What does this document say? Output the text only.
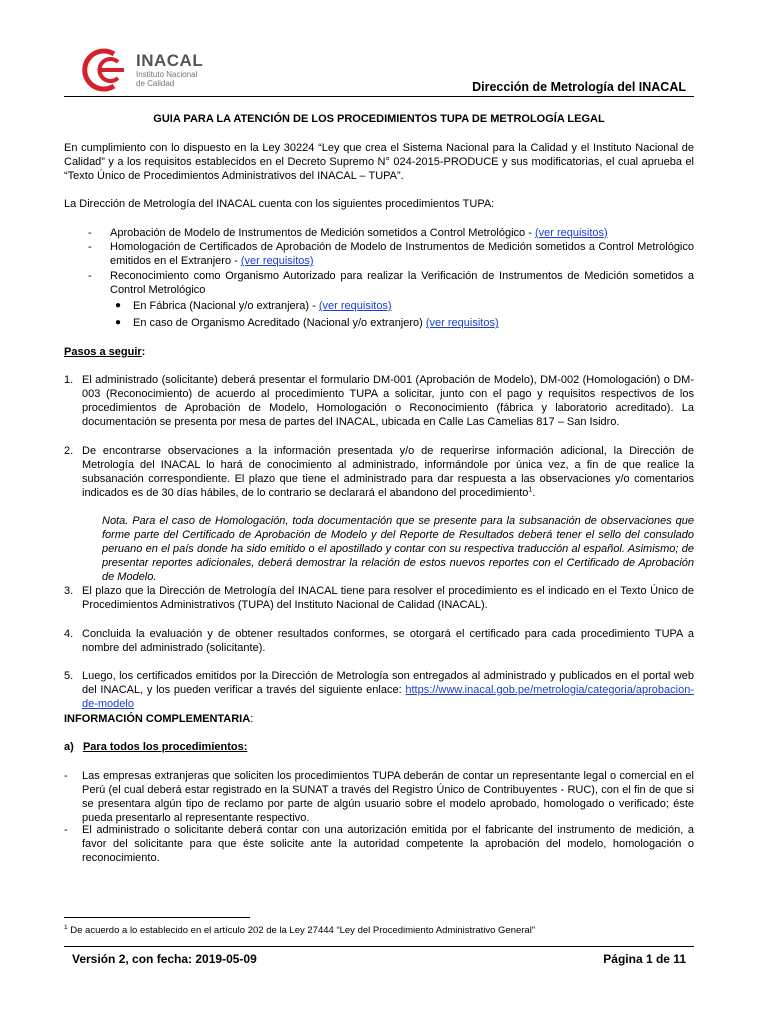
INACAL
Instituto Nacional
de Calidad	Dirección de Metrología del INACAL
GUIA PARA LA ATENCIÓN DE LOS PROCEDIMIENTOS TUPA DE METROLOGÍA LEGAL

En cumplimiento con lo dispuesto en la Ley 30224 “Ley que crea el Sistema Nacional para la Calidad y el Instituto Nacional de Calidad” y a los requisitos establecidos en el Decreto Supremo N° 024-2015-PRODUCE y sus modificatorias, el cual aprueba el “Texto Único de Procedimientos Administrativos del INACAL – TUPA”.

La Dirección de Metrología del INACAL cuenta con los siguientes procedimientos TUPA:

- Aprobación de Modelo de Instrumentos de Medición sometidos a Control Metrológico - (ver requisitos)
- Homologación de Certificados de Aprobación de Modelo de Instrumentos de Medición sometidos a Control Metrológico emitidos en el Extranjero - (ver requisitos)
- Reconocimiento como Organismo Autorizado para realizar la Verificación de Instrumentos de Medición sometidos a Control Metrológico
● En Fábrica (Nacional y/o extranjera) - (ver requisitos)
● En caso de Organismo Acreditado (Nacional y/o extranjero) (ver requisitos)

Pasos a seguir:

1. El administrado (solicitante) deberá presentar el formulario DM-001 (Aprobación de Modelo), DM-002 (Homologación) o DM-003 (Reconocimiento) de acuerdo al procedimiento TUPA a solicitar, junto con el pago y requisitos respectivos de los procedimientos de Aprobación de Modelo, Homologación o Reconocimiento (fábrica y laboratorio acreditado). La documentación se presenta por mesa de partes del INACAL, ubicada en Calle Las Camelias 817 – San Isidro.

2. De encontrarse observaciones a la información presentada y/o de requerirse información adicional, la Dirección de Metrología del INACAL lo hará de conocimiento al administrado, informándole por única vez, a fin de que realice la subsanación correspondiente. El plazo que tiene el administrado para dar respuesta a las observaciones y/o comentarios indicados es de 30 días hábiles, de lo contrario se declarará el abandono del procedimiento$^1$.

Nota. Para el caso de Homologación, toda documentación que se presente para la subsanación de observaciones que forme parte del Certificado de Aprobación de Modelo y del Reporte de Resultados deberá tener el sello del consulado peruano en el país donde ha sido emitido o el apostillado y contar con su respectiva traducción al español. Asimismo; de presentar reportes adicionales, deberá demostrar la relación de estos nuevos reportes con el Certificado de Aprobación de Modelo.

3. El plazo que la Dirección de Metrología del INACAL tiene para resolver el procedimiento es el indicado en el Texto Único de Procedimientos Administrativos (TUPA) del Instituto Nacional de Calidad (INACAL).

4. Concluida la evaluación y de obtener resultados conformes, se otorgará el certificado para cada procedimiento TUPA a nombre del administrado (solicitante).

5. Luego, los certificados emitidos por la Dirección de Metrología son entregados al administrado y publicados en el portal web del INACAL, y los pueden verificar a través del siguiente enlace: https://www.inacal.gob.pe/metrologia/categoria/aprobacion-de-modelo

INFORMACIÓN COMPLEMENTARIA:

a) Para todos los procedimientos:

- Las empresas extranjeras que soliciten los procedimientos TUPA deberán de contar un representante legal o comercial en el Perú (el cual deberá estar registrado en la SUNAT a través del Registro Único de Contribuyentes - RUC), con el fin de que si se presentara algún tipo de reclamo por parte de algún usuario sobre el modelo aprobado, homologado o verificado; éste pueda presentarlo al representante respectivo.

- El administrado o solicitante deberá contar con una autorización emitida por el fabricante del instrumento de medición, a favor del solicitante para que éste solicite ante la autoridad competente la aprobación del modelo, homologación o reconocimiento.

$^1$ De acuerdo a lo establecido en el artículo 202 de la Ley 27444 “Ley del Procedimiento Administrativo General”

Versión 2, con fecha: 2019-05-09	Página 1 de 11
